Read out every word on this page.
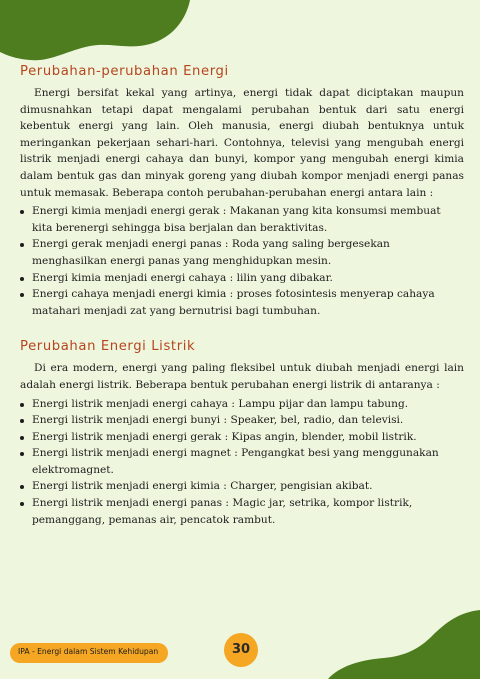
Perubahan-perubahan Energi

Energi bersifat kekal yang artinya, energi tidak dapat diciptakan maupun dimusnahkan tetapi dapat mengalami perubahan bentuk dari satu energi kebentuk energi yang lain. Oleh manusia, energi diubah bentuknya untuk meringankan pekerjaan sehari-hari. Contohnya, televisi yang mengubah energi listrik menjadi energi cahaya dan bunyi, kompor yang mengubah energi kimia dalam bentuk gas dan minyak goreng yang diubah kompor menjadi energi panas untuk memasak. Beberapa contoh perubahan-perubahan energi antara lain :

Energi kimia menjadi energi gerak : Makanan yang kita konsumsi membuat kita berenergi sehingga bisa berjalan dan beraktivitas.
Energi gerak menjadi energi panas : Roda yang saling bergesekan menghasilkan energi panas yang menghidupkan mesin.
Energi kimia menjadi energi cahaya : lilin yang dibakar.
Energi cahaya menjadi energi kimia : proses fotosintesis menyerap cahaya matahari menjadi zat yang bernutrisi bagi tumbuhan.
Perubahan Energi Listrik

Di era modern, energi yang paling fleksibel untuk diubah menjadi energi lain adalah energi listrik. Beberapa bentuk perubahan energi listrik di antaranya :

Energi listrik menjadi energi cahaya : Lampu pijar dan lampu tabung.
Energi listrik menjadi energi bunyi : Speaker, bel, radio, dan televisi.
Energi listrik menjadi energi gerak : Kipas angin, blender, mobil listrik.
Energi listrik menjadi energi magnet : Pengangkat besi yang menggunakan elektromagnet.
Energi listrik menjadi energi kimia : Charger, pengisian akibat.
Energi listrik menjadi energi panas : Magic jar, setrika, kompor listrik, pemanggang, pemanas air, pencatok rambut.
IPA - Energi dalam Sistem Kehidupan	30
